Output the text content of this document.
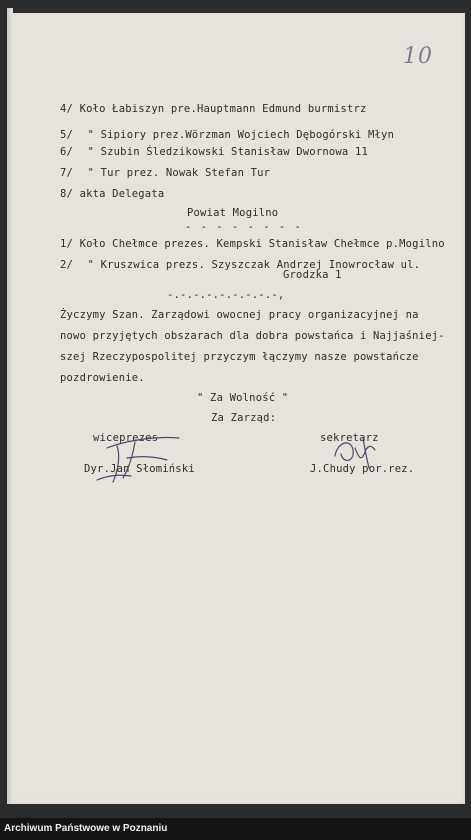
10
4/ Koło Łabiszyn pre.Hauptmann Edmund burmistrz
5/ " Sipiory prez.Wörzman Wojciech Dębogórski Młyn
6/ " Szubin Śledzikowski Stanisław Dwornowa 11
7/ " Tur prez. Nowak Stefan Tur
8/ akta Delegata
Powiat Mogilno
- - - - - - - -
1/ Koło Chełmce prezes. Kempski Stanisław Chełmce p.Mogilno
2/ " Kruszwica prezs. Szyszczak Andrzej Inowrocław ul.
Grodzka 1
-.-.-.-.-.-.-.-.-,
Życzymy Szan. Zarządowi owocnej pracy organizacyjnej na
nowo przyjętych obszarach dla dobra powstańca i Najjaśniej-
szej Rzeczypospolitej przyczym łączymy nasze powstańcze
pozdrowienie.
" Za Wolność "
Za Zarząd:
wiceprezes
Dyr.Jan Słomiński
sekretarz
J.Chudy por.rez.
Archiwum Państwowe w Poznaniu
